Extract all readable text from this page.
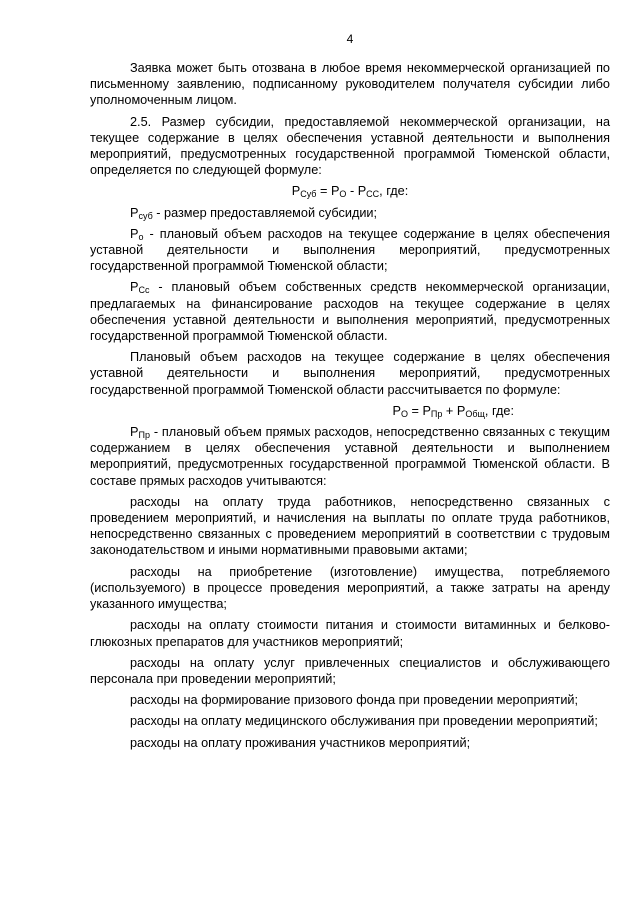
4

Заявка может быть отозвана в любое время некоммерческой организацией по письменному заявлению, подписанному руководителем получателя субсидии либо уполномоченным лицом.

2.5. Размер субсидии, предоставляемой некоммерческой организации, на текущее содержание в целях обеспечения уставной деятельности и выполнения мероприятий, предусмотренных государственной программой Тюменской области, определяется по следующей формуле:

$P_{Суб} = P_О - P_{СС}$, где:

$P_{суб}$ - размер предоставляемой субсидии;

$P_о$ - плановый объем расходов на текущее содержание в целях обеспечения уставной деятельности и выполнения мероприятий, предусмотренных государственной программой Тюменской области;

$P_{Сс}$ - плановый объем собственных средств некоммерческой организации, предлагаемых на финансирование расходов на текущее содержание в целях обеспечения уставной деятельности и выполнения мероприятий, предусмотренных государственной программой Тюменской области.

Плановый объем расходов на текущее содержание в целях обеспечения уставной деятельности и выполнения мероприятий, предусмотренных государственной программой Тюменской области рассчитывается по формуле:

$P_О = P_{Пр} + P_{Общ}$, где:

$P_{Пр}$ - плановый объем прямых расходов, непосредственно связанных с текущим содержанием в целях обеспечения уставной деятельности и выполнением мероприятий, предусмотренных государственной программой Тюменской области. В составе прямых расходов учитываются:

расходы на оплату труда работников, непосредственно связанных с проведением мероприятий, и начисления на выплаты по оплате труда работников, непосредственно связанных с проведением мероприятий в соответствии с трудовым законодательством и иными нормативными правовыми актами;

расходы на приобретение (изготовление) имущества, потребляемого (используемого) в процессе проведения мероприятий, а также затраты на аренду указанного имущества;

расходы на оплату стоимости питания и стоимости витаминных и белково-глюкозных препаратов для участников мероприятий;

расходы на оплату услуг привлеченных специалистов и обслуживающего персонала при проведении мероприятий;

расходы на формирование призового фонда при проведении мероприятий;

расходы на оплату медицинского обслуживания при проведении мероприятий;

расходы на оплату проживания участников мероприятий;
